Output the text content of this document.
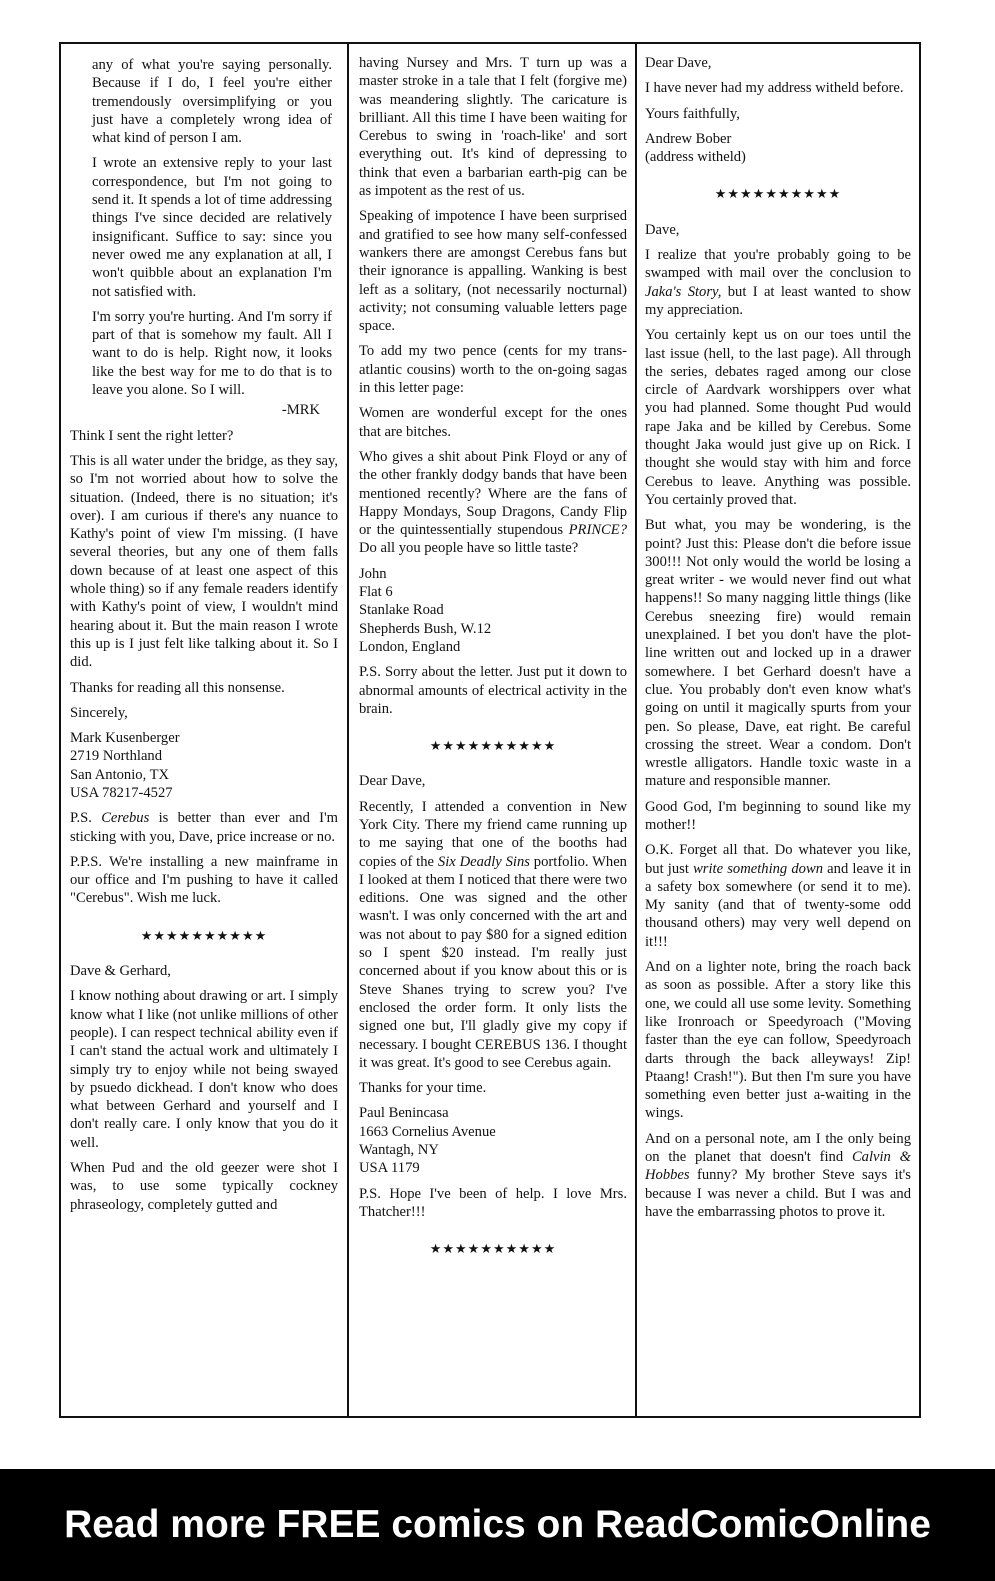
any of what you're saying personally. Because if I do, I feel you're either tremendously oversimplifying or you just have a completely wrong idea of what kind of person I am.

I wrote an extensive reply to your last correspondence, but I'm not going to send it. It spends a lot of time addressing things I've since decided are relatively insignificant. Suffice to say: since you never owed me any explanation at all, I won't quibble about an explanation I'm not satisfied with.

I'm sorry you're hurting. And I'm sorry if part of that is somehow my fault. All I want to do is help. Right now, it looks like the best way for me to do that is to leave you alone. So I will.

-MRK

Think I sent the right letter?

This is all water under the bridge, as they say, so I'm not worried about how to solve the situation. (Indeed, there is no situation; it's over). I am curious if there's any nuance to Kathy's point of view I'm missing. (I have several theories, but any one of them falls down because of at least one aspect of this whole thing) so if any female readers identify with Kathy's point of view, I wouldn't mind hearing about it. But the main reason I wrote this up is I just felt like talking about it. So I did.

Thanks for reading all this nonsense.

Sincerely,

Mark Kusenberger
2719 Northland
San Antonio, TX
USA 78217-4527

P.S. Cerebus is better than ever and I'm sticking with you, Dave, price increase or no.

P.P.S. We're installing a new mainframe in our office and I'm pushing to have it called "Cerebus". Wish me luck.

★★★★★★★★★★

Dave & Gerhard,

I know nothing about drawing or art. I simply know what I like (not unlike millions of other people). I can respect technical ability even if I can't stand the actual work and ultimately I simply try to enjoy while not being swayed by psuedo dickhead. I don't know who does what between Gerhard and yourself and I don't really care. I only know that you do it well.

When Pud and the old geezer were shot I was, to use some typically cockney phraseology, completely gutted and

having Nursey and Mrs. T turn up was a master stroke in a tale that I felt (forgive me) was meandering slightly. The caricature is brilliant. All this time I have been waiting for Cerebus to swing in 'roach-like' and sort everything out. It's kind of depressing to think that even a barbarian earth-pig can be as impotent as the rest of us.

Speaking of impotence I have been surprised and gratified to see how many self-confessed wankers there are amongst Cerebus fans but their ignorance is appalling. Wanking is best left as a solitary, (not necessarily nocturnal) activity; not consuming valuable letters page space.

To add my two pence (cents for my trans-atlantic cousins) worth to the on-going sagas in this letter page:

Women are wonderful except for the ones that are bitches.

Who gives a shit about Pink Floyd or any of the other frankly dodgy bands that have been mentioned recently? Where are the fans of Happy Mondays, Soup Dragons, Candy Flip or the quintessentially stupendous PRINCE? Do all you people have so little taste?

John
Flat 6
Stanlake Road
Shepherds Bush, W.12
London, England

P.S. Sorry about the letter. Just put it down to abnormal amounts of electrical activity in the brain.

★★★★★★★★★★

Dear Dave,

Recently, I attended a convention in New York City. There my friend came running up to me saying that one of the booths had copies of the Six Deadly Sins portfolio. When I looked at them I noticed that there were two editions. One was signed and the other wasn't. I was only concerned with the art and was not about to pay $80 for a signed edition so I spent $20 instead. I'm really just concerned about if you know about this or is Steve Shanes trying to screw you? I've enclosed the order form. It only lists the signed one but, I'll gladly give my copy if necessary. I bought CEREBUS 136. I thought it was great. It's good to see Cerebus again.

Thanks for your time.

Paul Benincasa
1663 Cornelius Avenue
Wantagh, NY
USA 1179

P.S. Hope I've been of help. I love Mrs. Thatcher!!!

★★★★★★★★★★

Dear Dave,

I have never had my address witheld before.

Yours faithfully,

Andrew Bober
(address witheld)
★★★★★★★★★★

Dave,

I realize that you're probably going to be swamped with mail over the conclusion to Jaka's Story, but I at least wanted to show my appreciation.

You certainly kept us on our toes until the last issue (hell, to the last page). All through the series, debates raged among our close circle of Aardvark worshippers over what you had planned. Some thought Pud would rape Jaka and be killed by Cerebus. Some thought Jaka would just give up on Rick. I thought she would stay with him and force Cerebus to leave. Anything was possible. You certainly proved that.

But what, you may be wondering, is the point? Just this: Please don't die before issue 300!!! Not only would the world be losing a great writer - we would never find out what happens!! So many nagging little things (like Cerebus sneezing fire) would remain unexplained. I bet you don't have the plot-line written out and locked up in a drawer somewhere. I bet Gerhard doesn't have a clue. You probably don't even know what's going on until it magically spurts from your pen. So please, Dave, eat right. Be careful crossing the street. Wear a condom. Don't wrestle alligators. Handle toxic waste in a mature and responsible manner.

Good God, I'm beginning to sound like my mother!!

O.K. Forget all that. Do whatever you like, but just write something down and leave it in a safety box somewhere (or send it to me). My sanity (and that of twenty-some odd thousand others) may very well depend on it!!!

And on a lighter note, bring the roach back as soon as possible. After a story like this one, we could all use some levity. Something like Ironroach or Speedyroach ("Moving faster than the eye can follow, Speedyroach darts through the back alleyways! Zip! Ptaang! Crash!"). But then I'm sure you have something even better just a-waiting in the wings.

And on a personal note, am I the only being on the planet that doesn't find Calvin & Hobbes funny? My brother Steve says it's because I was never a child. But I was and have the embarrassing photos to prove it.

Read more FREE comics on ReadComicOnline
